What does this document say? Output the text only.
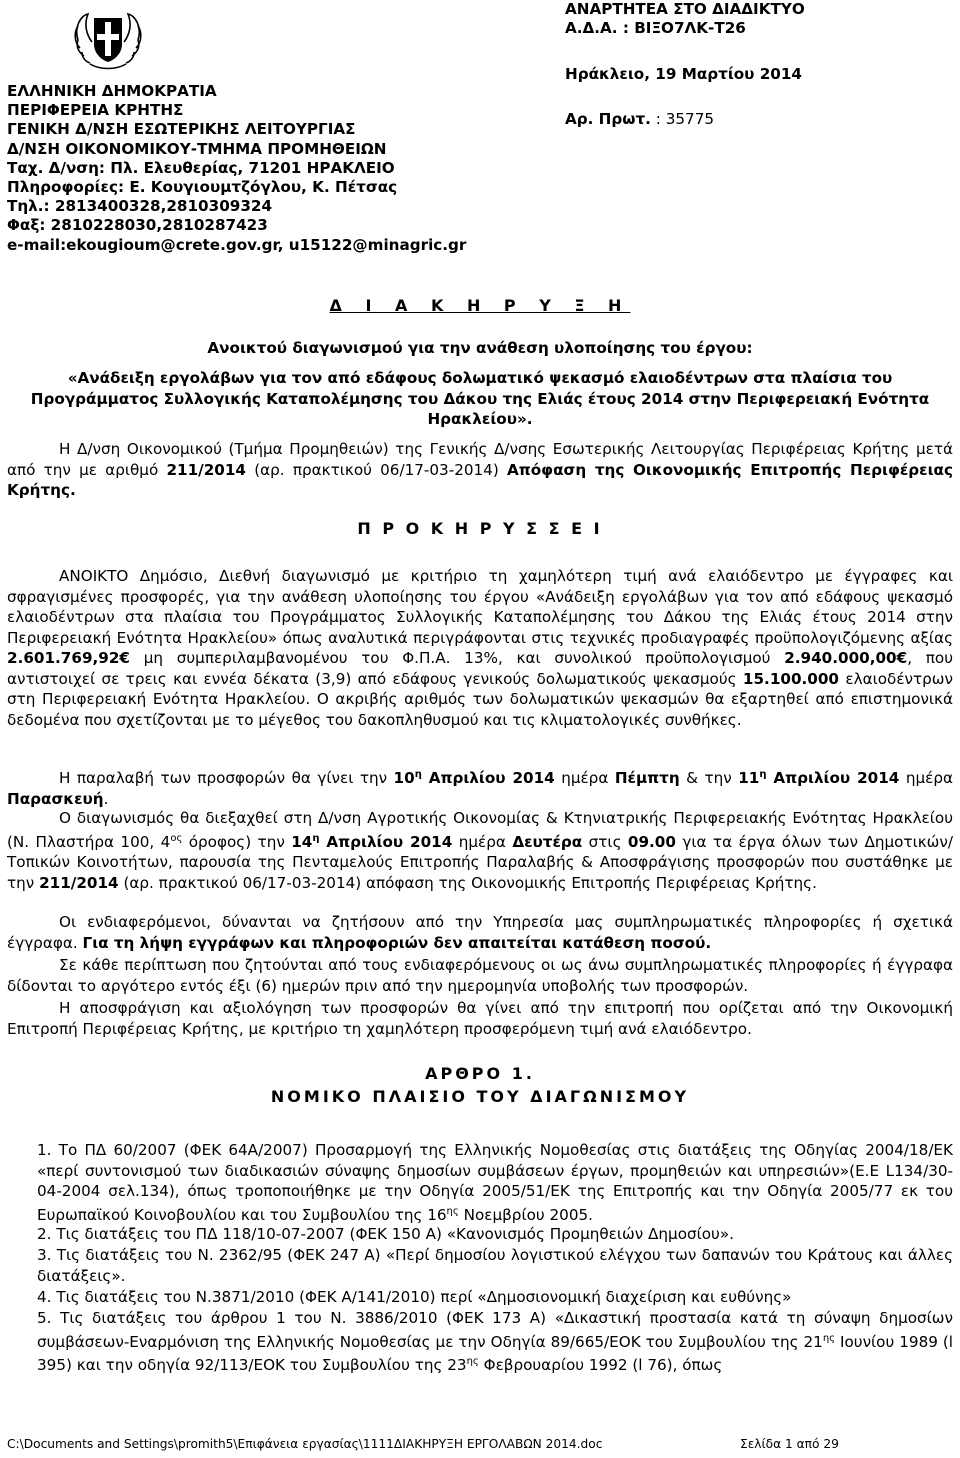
ΕΛΛΗΝΙΚΗ ΔΗΜΟΚΡΑΤΙΑ
ΠΕΡΙΦΕΡΕΙΑ ΚΡΗΤΗΣ
ΓΕΝΙΚΗ Δ/ΝΣΗ ΕΣΩΤΕΡΙΚΗΣ ΛΕΙΤΟΥΡΓΙΑΣ
Δ/ΝΣΗ ΟΙΚΟΝΟΜΙΚΟΥ-ΤΜΗΜΑ ΠΡΟΜΗΘΕΙΩΝ
Ταχ. Δ/νση: Πλ. Ελευθερίας, 71201 ΗΡΑΚΛΕΙΟ
Πληροφορίες: Ε. Κουγιουμτζόγλου, Κ. Πέτσας
Τηλ.: 2813400328,2810309324
Φαξ: 2810228030,2810287423
e-mail:ekougioum@crete.gov.gr, u15122@minagric.gr
ΑΝΑΡΤΗΤΕΑ ΣΤΟ ΔΙΑΔΙΚΤΥΟ
Α.Δ.Α. : ΒΙΞΟ7ΛΚ-Τ26
Ηράκλειο, 19 Μαρτίου 2014
Αρ. Πρωτ. : 35775
Δ Ι Α Κ Η Ρ Υ Ξ Η
Ανοικτού διαγωνισμού για την ανάθεση υλοποίησης του έργου:
«Ανάδειξη εργολάβων για τον από εδάφους δολωματικό ψεκασμό ελαιοδέντρων στα πλαίσια του Προγράμματος Συλλογικής Καταπολέμησης του Δάκου της Ελιάς έτους 2014 στην Περιφερειακή Ενότητα Ηρακλείου».
Η Δ/νση Οικονομικού (Τμήμα Προμηθειών) της Γενικής Δ/νσης Εσωτερικής Λειτουργίας Περιφέρειας Κρήτης μετά από την με αριθμό 211/2014 (αρ. πρακτικού 06/17-03-2014) Απόφαση της Οικονομικής Επιτροπής Περιφέρειας Κρήτης.
Π Ρ Ο Κ Η Ρ Υ Σ Σ Ε Ι
ΑΝΟΙΚΤΟ Δημόσιο, Διεθνή διαγωνισμό με κριτήριο τη χαμηλότερη τιμή ανά ελαιόδεντρο με έγγραφες και σφραγισμένες προσφορές, για την ανάθεση υλοποίησης του έργου «Ανάδειξη εργολάβων για τον από εδάφους ψεκασμό ελαιοδέντρων στα πλαίσια του Προγράμματος Συλλογικής Καταπολέμησης του Δάκου της Ελιάς έτους 2014 στην Περιφερειακή Ενότητα Ηρακλείου» όπως αναλυτικά περιγράφονται στις τεχνικές προδιαγραφές προϋπολογιζόμενης αξίας 2.601.769,92€ μη συμπεριλαμβανομένου του Φ.Π.Α. 13%, και συνολικού προϋπολογισμού 2.940.000,00€, που αντιστοιχεί σε τρεις και εννέα δέκατα (3,9) από εδάφους γενικούς δολωματικούς ψεκασμούς 15.100.000 ελαιοδέντρων στη Περιφερειακή Ενότητα Ηρακλείου. Ο ακριβής αριθμός των δολωματικών ψεκασμών θα εξαρτηθεί από επιστημονικά δεδομένα που σχετίζονται με το μέγεθος του δακοπληθυσμού και τις κλιματολογικές συνθήκες.
Η παραλαβή των προσφορών θα γίνει την $10^\eta$ Απριλίου 2014 ημέρα Πέμπτη & την $11^\eta$ Απριλίου 2014 ημέρα Παρασκευή.
Ο διαγωνισμός θα διεξαχθεί στη Δ/νση Αγροτικής Οικονομίας & Κτηνιατρικής Περιφερειακής Ενότητας Ηρακλείου (Ν. Πλαστήρα 100, $4^{o\varsigma}$ όροφος) την $14^\eta$ Απριλίου 2014 ημέρα Δευτέρα στις 09.00 για τα έργα όλων των Δημοτικών/Τοπικών Κοινοτήτων, παρουσία της Πενταμελούς Επιτροπής Παραλαβής & Αποσφράγισης προσφορών που συστάθηκε με την 211/2014 (αρ. πρακτικού 06/17-03-2014) απόφαση της Οικονομικής Επιτροπής Περιφέρειας Κρήτης.
Οι ενδιαφερόμενοι, δύνανται να ζητήσουν από την Υπηρεσία μας συμπληρωματικές πληροφορίες ή σχετικά έγγραφα. Για τη λήψη εγγράφων και πληροφοριών δεν απαιτείται κατάθεση ποσού.
Σε κάθε περίπτωση που ζητούνται από τους ενδιαφερόμενους οι ως άνω συμπληρωματικές πληροφορίες ή έγγραφα δίδονται το αργότερο εντός έξι (6) ημερών πριν από την ημερομηνία υποβολής των προσφορών.
Η αποσφράγιση και αξιολόγηση των προσφορών θα γίνει από την επιτροπή που ορίζεται από την Οικονομική Επιτροπή Περιφέρειας Κρήτης, με κριτήριο τη χαμηλότερη προσφερόμενη τιμή ανά ελαιόδεντρο.
ΑΡΘΡΟ 1.
ΝΟΜΙΚΟ ΠΛΑΙΣΙΟ ΤΟΥ ΔΙΑΓΩΝΙΣΜΟΥ
1. Το ΠΔ 60/2007 (ΦΕΚ 64Α/2007) Προσαρμογή της Ελληνικής Νομοθεσίας στις διατάξεις της Οδηγίας 2004/18/ΕΚ «περί συντονισμού των διαδικασιών σύναψης δημοσίων συμβάσεων έργων, προμηθειών και υπηρεσιών»(Ε.Ε L134/30-04-2004 σελ.134), όπως τροποποιήθηκε με την Οδηγία 2005/51/ΕΚ της Επιτροπής και την Οδηγία 2005/77 εκ του Ευρωπαϊκού Κοινοβουλίου και του Συμβουλίου της $16^{\eta\varsigma}$ Νοεμβρίου 2005.
2. Τις διατάξεις του ΠΔ 118/10-07-2007 (ΦΕΚ 150 Α) «Κανονισμός Προμηθειών Δημοσίου».
3. Τις διατάξεις του Ν. 2362/95 (ΦΕΚ 247 Α) «Περί δημοσίου λογιστικού ελέγχου των δαπανών του Κράτους και άλλες διατάξεις».
4. Τις διατάξεις του Ν.3871/2010 (ΦΕΚ Α/141/2010) περί «Δημοσιονομική διαχείριση και ευθύνης»
5. Τις διατάξεις του άρθρου 1 του Ν. 3886/2010 (ΦΕΚ 173 Α) «Δικαστική προστασία κατά τη σύναψη δημοσίων συμβάσεων-Εναρμόνιση της Ελληνικής Νομοθεσίας με την Οδηγία 89/665/ΕΟΚ του Συμβουλίου της $21^{\eta\varsigma}$ Ιουνίου 1989 (l 395) και την οδηγία 92/113/ΕΟΚ του Συμβουλίου της $23^{\eta\varsigma}$ Φεβρουαρίου 1992 (l 76), όπως
C:\Documents and Settings\promith5\Επιφάνεια εργασίας\1111ΔΙΑΚΗΡΥΞΗ ΕΡΓΟΛΑΒΩΝ 2014.doc	Σελίδα 1 από 29
